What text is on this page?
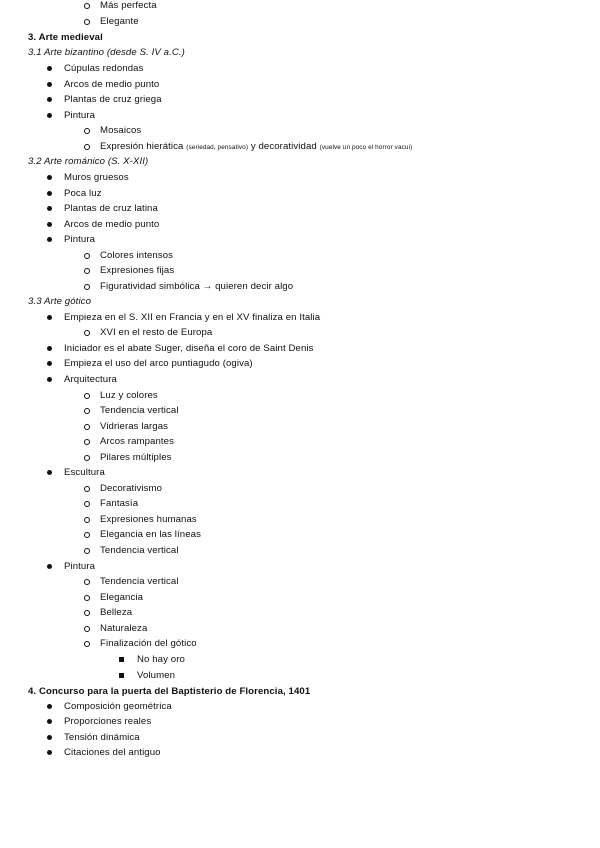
Más perfecta
Elegante
3. Arte medieval
3.1 Arte bizantino (desde S. IV a.C.)
Cúpulas redondas
Arcos de medio punto
Plantas de cruz griega
Pintura
Mosaicos
Expresión hierática (seriedad, pensativo) y decoratividad (vuelve un poco el horror vacui)
3.2 Arte románico (S. X-XII)
Muros gruesos
Poca luz
Plantas de cruz latina
Arcos de medio punto
Pintura
Colores intensos
Expresiones fijas
Figuratividad simbólica → quieren decir algo
3.3 Arte gótico
Empieza en el S. XII en Francia y en el XV finaliza en Italia
XVI en el resto de Europa
Iniciador es el abate Suger, diseña el coro de Saint Denis
Empieza el uso del arco puntiagudo (ogiva)
Arquitectura
Luz y colores
Tendencia vertical
Vidrieras largas
Arcos rampantes
Pilares múltiples
Escultura
Decorativismo
Fantasía
Expresiones humanas
Elegancia en las líneas
Tendencia vertical
Pintura
Tendencia vertical
Elegancia
Belleza
Naturaleza
Finalización del gótico
No hay oro
Volumen
4. Concurso para la puerta del Baptisterio de Florencia, 1401
Composición geométrica
Proporciones reales
Tensión dinámica
Citaciones del antiguo
